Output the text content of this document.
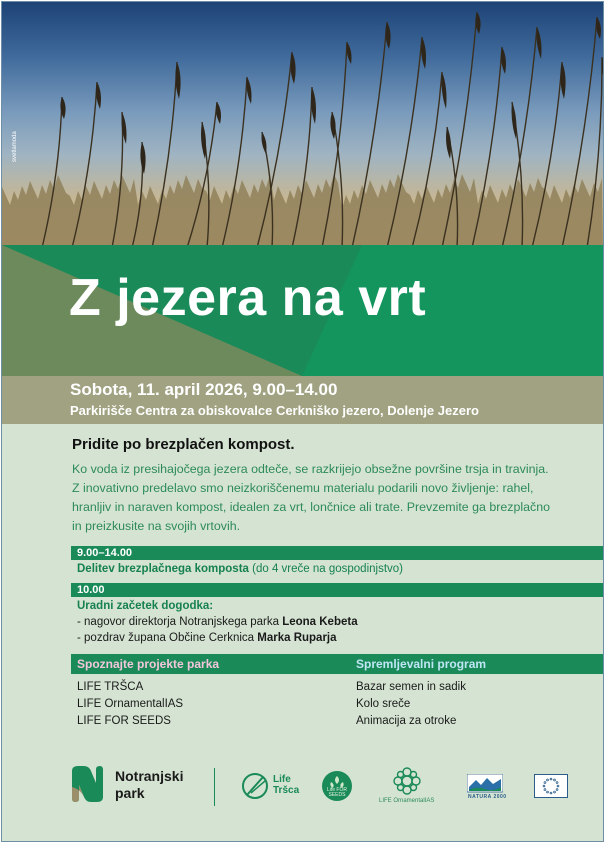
svetlamoda
Z jezera na vrt
Sobota, 11. april 2026, 9.00–14.00
Parkirišče Centra za obiskovalce Cerkniško jezero, Dolenje Jezero
Pridite po brezplačen kompost.

Ko voda iz presihajočega jezera odteče, se razkrijejo obsežne površine trsja in travinja. Z inovativno predelavo smo neizkoriščenemu materialu podarili novo življenje: rahel, hranljiv in naraven kompost, idealen za vrt, lončnice ali trate. Prevzemite ga brezplačno in preizkusite na svojih vrtovih.

9.00–14.00
Delitev brezplačnega komposta (do 4 vreče na gospodinjstvo)
10.00
Uradni začetek dogodka:
- nagovor direktorja Notranjskega parka Leona Kebeta
- pozdrav župana Občine Cerknica Marka Ruparja
Spoznajte projekte parka	Spremljevalni program
LIFE TRŠCA
LIFE OrnamentalIAS
LIFE FOR SEEDS
Bazar semen in sadik
Kolo sreče
Animacija za otroke
Notranjski
park
Life
Tršca	Life FOR SEEDS
LIFE OrnamentalIAS
NATURA 2000
